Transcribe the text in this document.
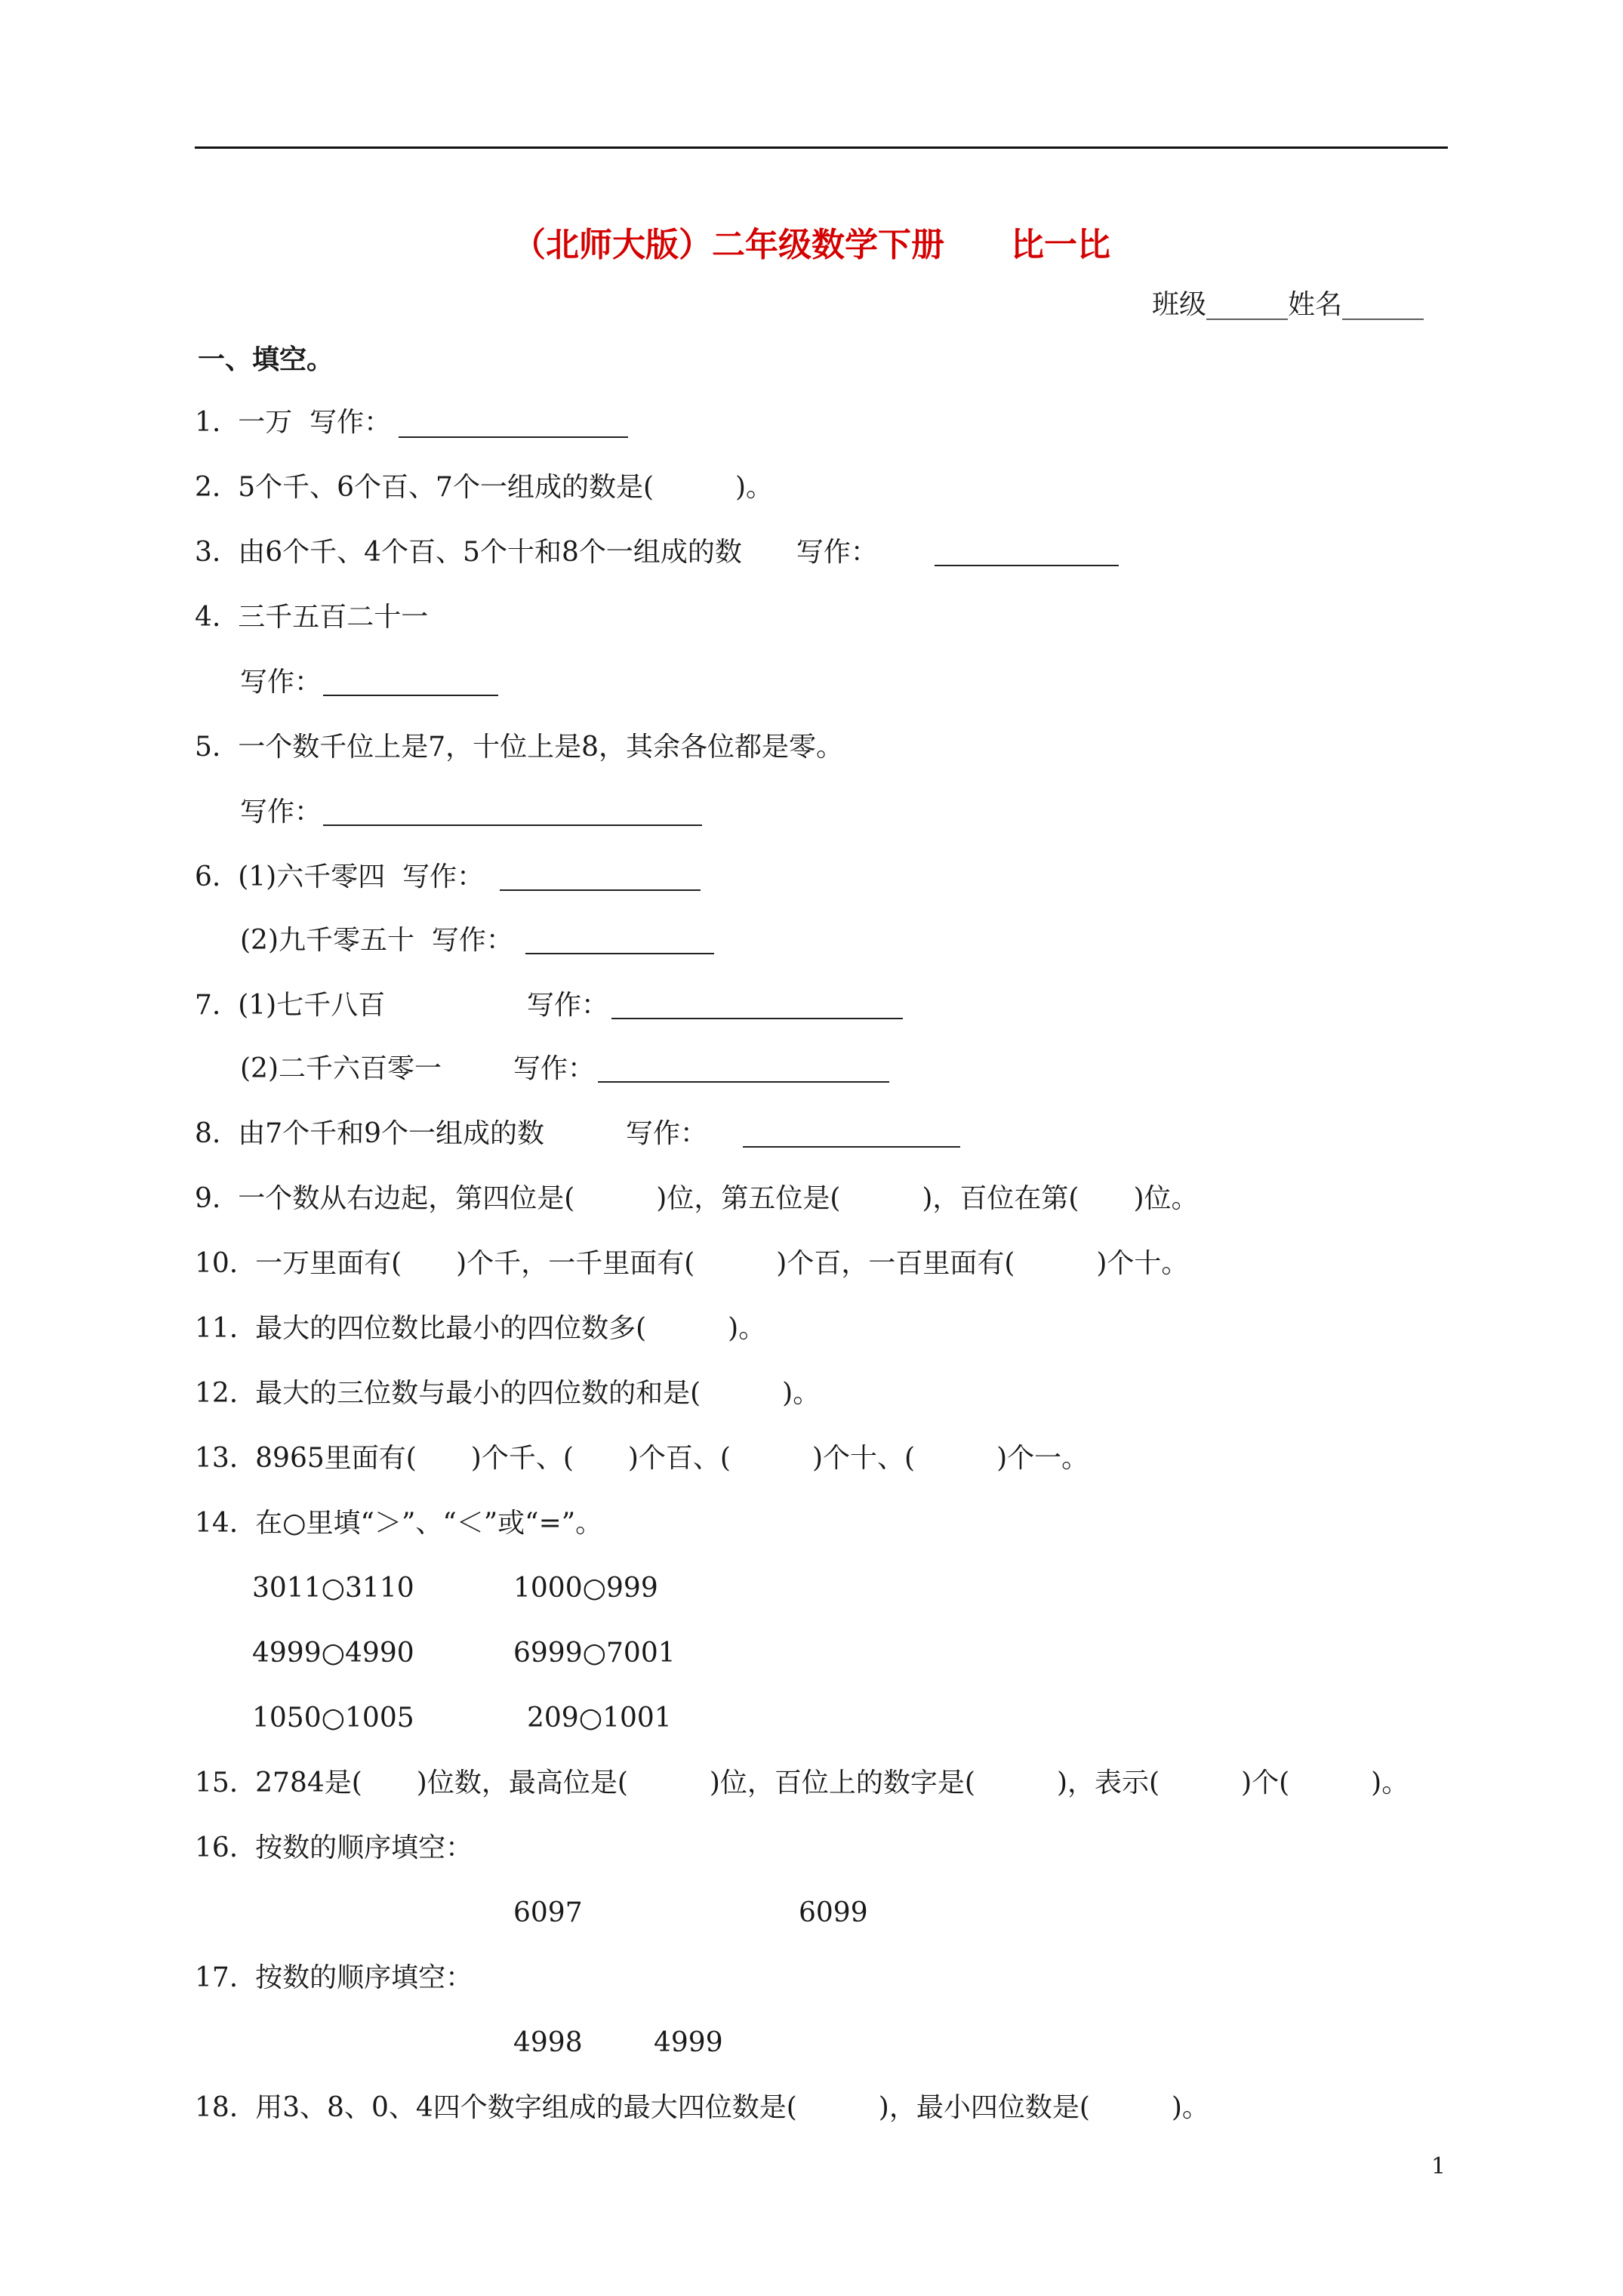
（北师大版）二年级数学下册　　比一比
班级______姓名______
一、填空。
1.  一万  写作：
2.  5个千、6个百、7个一组成的数是(　　　)。
3.  由6个千、4个百、5个十和8个一组成的数　　写作：
4.  三千五百二十一
写作：
5.  一个数千位上是7，十位上是8，其余各位都是零。
写作：
6.  (1)六千零四  写作：
(2)九千零五十  写作：
7.  (1)七千八百	写作：
(2)二千六百零一	写作：
8.  由7个千和9个一组成的数　　　写作：
9.  一个数从右边起，第四位是(　　　)位，第五位是(　　　)，百位在第(　　)位。
10.  一万里面有(　　)个千，一千里面有(　　　)个百，一百里面有(　　　)个十。
11.  最大的四位数比最小的四位数多(　　　)。
12.  最大的三位数与最小的四位数的和是(　　　)。
13.  8965里面有(　　)个千、(　　)个百、(　　　)个十、(　　　)个一。
14.  在○里填“＞”、“＜”或“=”。
3011○3110	1000○999
4999○4990	6999○7001
1050○1005	209○1001
15.  2784是(　　)位数，最高位是(　　　)位，百位上的数字是(　　　)，表示(　　　)个(　　　)。
16.  按数的顺序填空：
6097	6099
17.  按数的顺序填空：
4998	4999
18.  用3、8、0、4四个数字组成的最大四位数是(　　　)，最小四位数是(　　　)。
1
